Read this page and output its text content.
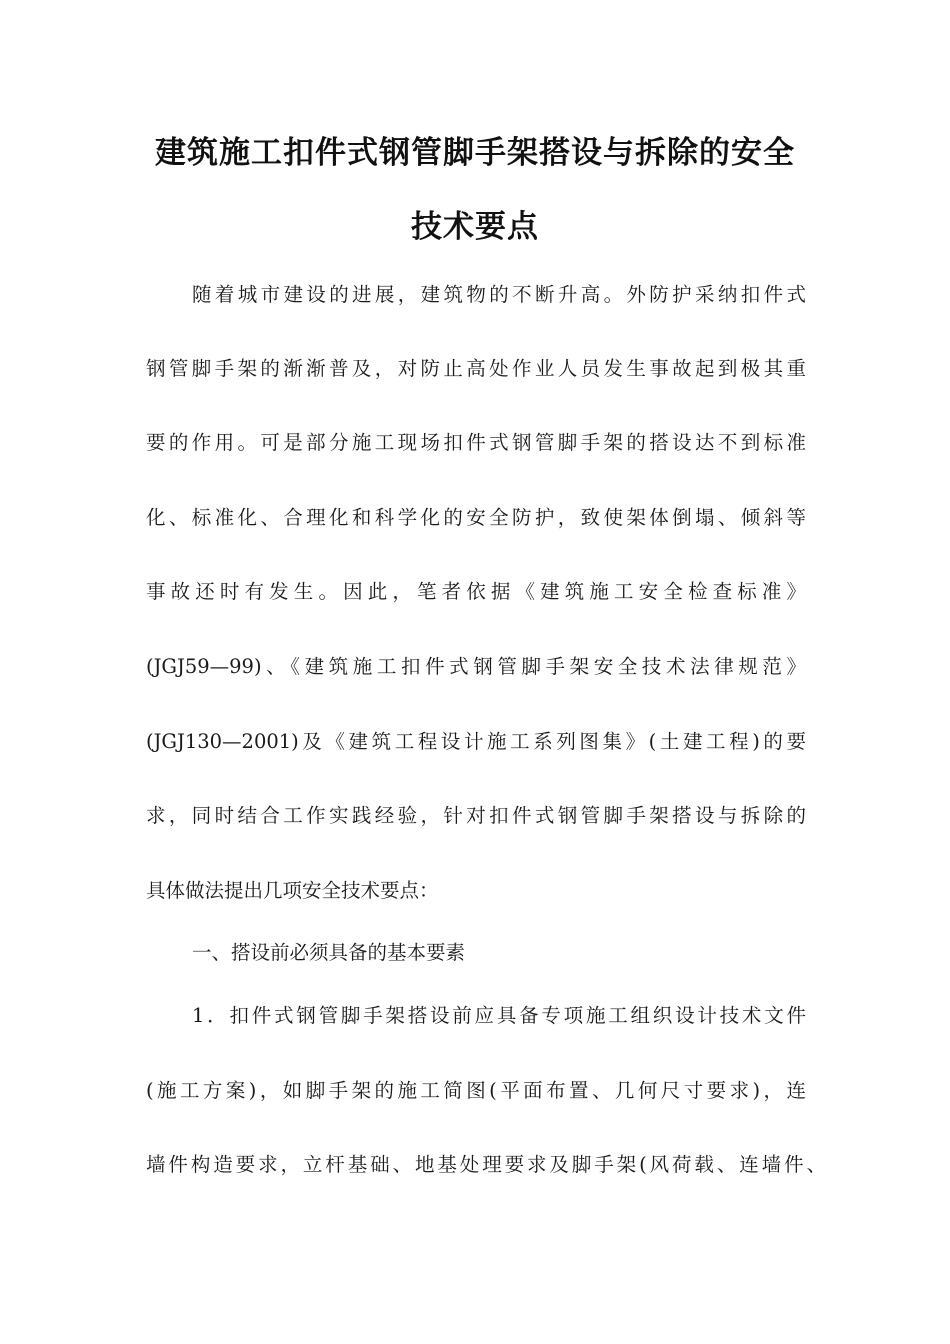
建筑施工扣件式钢管脚手架搭设与拆除的安全
技术要点
随着城市建设的进展，建筑物的不断升高。外防护采纳扣件式
钢管脚手架的渐渐普及，对防止高处作业人员发生事故起到极其重
要的作用。可是部分施工现场扣件式钢管脚手架的搭设达不到标准
化、标准化、合理化和科学化的安全防护，致使架体倒塌、倾斜等
事故还时有发生。因此，笔者依据《建筑施工安全检查标准》
(JGJ59—99)、《建筑施工扣件式钢管脚手架安全技术法律规范》
(JGJ130—2001)及《建筑工程设计施工系列图集》(土建工程)的要
求，同时结合工作实践经验，针对扣件式钢管脚手架搭设与拆除的
具体做法提出几项安全技术要点：
一、搭设前必须具备的基本要素
1．扣件式钢管脚手架搭设前应具备专项施工组织设计技术文件
(施工方案)，如脚手架的施工简图(平面布置、几何尺寸要求)，连
墙件构造要求，立杆基础、地基处理要求及脚手架(风荷载、连墙件、
